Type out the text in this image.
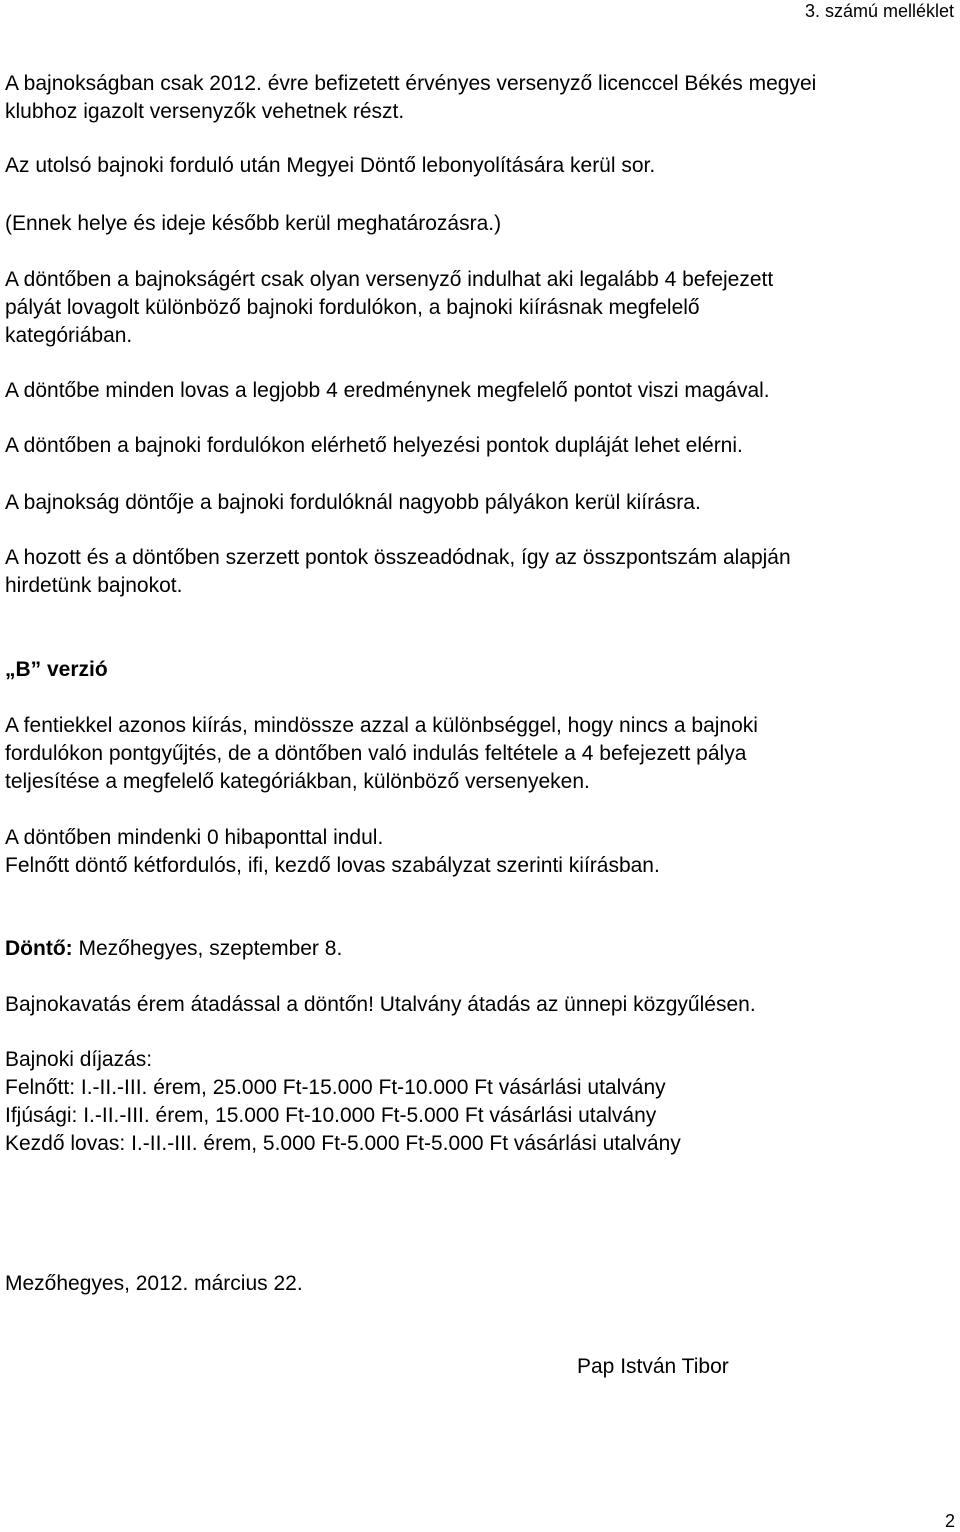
3. számú melléklet

A bajnokságban csak 2012. évre befizetett érvényes versenyző licenccel Békés megyei

klubhoz igazolt versenyzők vehetnek részt.

Az utolsó bajnoki forduló után Megyei Döntő lebonyolítására kerül sor.

(Ennek helye és ideje később kerül meghatározásra.)

A döntőben a bajnokságért csak olyan versenyző indulhat aki legalább 4 befejezett

pályát lovagolt különböző bajnoki fordulókon, a bajnoki kiírásnak megfelelő

kategóriában.

A döntőbe minden lovas a legjobb 4 eredménynek megfelelő pontot viszi magával.

A döntőben a bajnoki fordulókon elérhető helyezési pontok dupláját lehet elérni.

A bajnokság döntője a bajnoki fordulóknál nagyobb pályákon kerül kiírásra.

A hozott és a döntőben szerzett pontok összeadódnak, így az összpontszám alapján

hirdetünk bajnokot.

„B” verzió

A fentiekkel azonos kiírás, mindössze azzal a különbséggel, hogy nincs a bajnoki

fordulókon pontgyűjtés, de a döntőben való indulás feltétele a 4 befejezett pálya

teljesítése a megfelelő kategóriákban, különböző versenyeken.

A döntőben mindenki 0 hibaponttal indul.

Felnőtt döntő kétfordulós, ifi, kezdő lovas szabályzat szerinti kiírásban.

Döntő: Mezőhegyes, szeptember 8.

Bajnokavatás érem átadással a döntőn! Utalvány átadás az ünnepi közgyűlésen.

Bajnoki díjazás:

Felnőtt: I.-II.-III. érem, 25.000 Ft-15.000 Ft-10.000 Ft vásárlási utalvány

Ifjúsági: I.-II.-III. érem, 15.000 Ft-10.000 Ft-5.000 Ft vásárlási utalvány

Kezdő lovas: I.-II.-III. érem, 5.000 Ft-5.000 Ft-5.000 Ft vásárlási utalvány

Mezőhegyes, 2012. március 22.

Pap István Tibor
2
